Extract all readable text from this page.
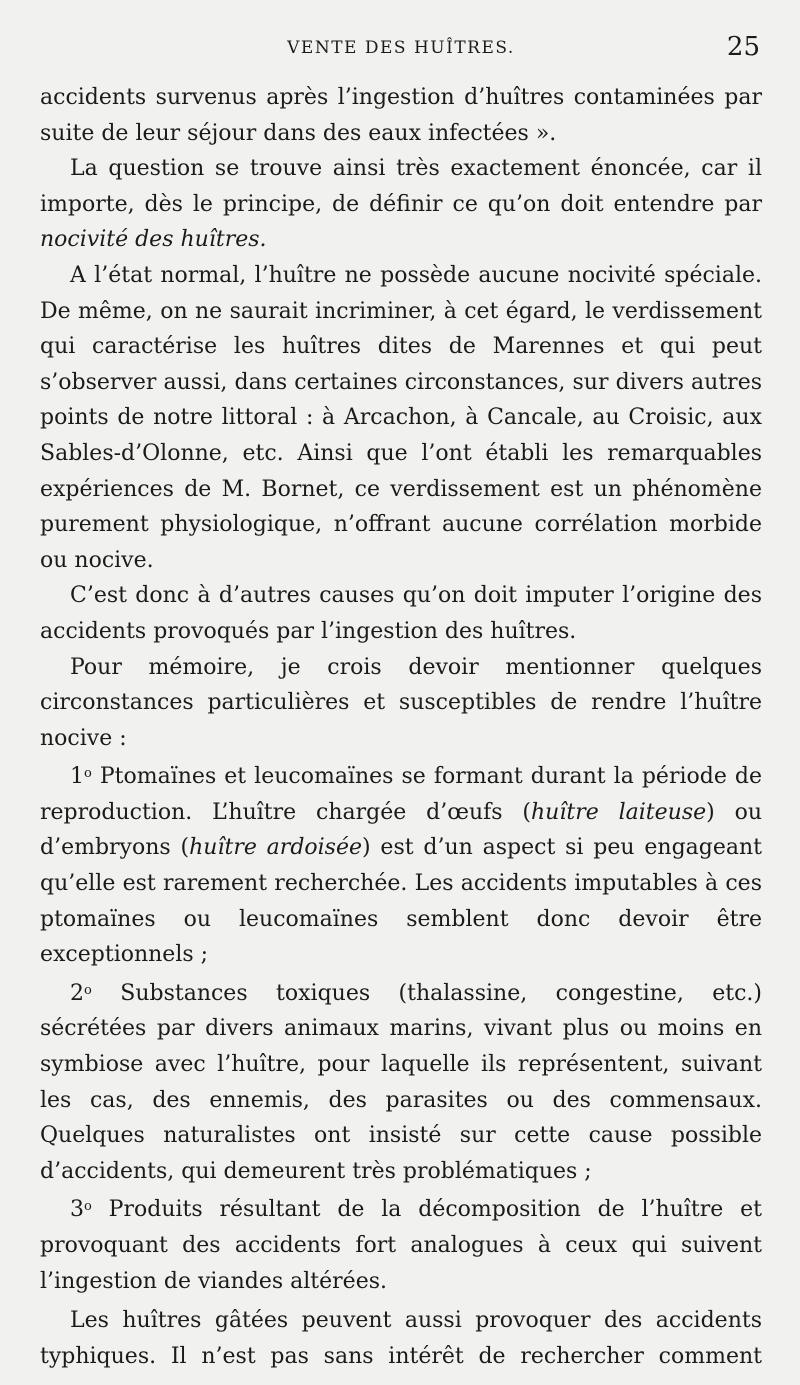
VENTE DES HUÎTRES.	25

accidents survenus après l’ingestion d’huîtres contaminées par suite de leur séjour dans des eaux infectées ».

La question se trouve ainsi très exactement énoncée, car il importe, dès le principe, de définir ce qu’on doit entendre par nocivité des huîtres.

A l’état normal, l’huître ne possède aucune nocivité spéciale. De même, on ne saurait incriminer, à cet égard, le verdissement qui caractérise les huîtres dites de Marennes et qui peut s’observer aussi, dans certaines circonstances, sur divers autres points de notre littoral : à Arcachon, à Cancale, au Croisic, aux Sables-d’Olonne, etc. Ainsi que l’ont établi les remarquables expériences de M. Bornet, ce verdissement est un phénomène purement physiologique, n’offrant aucune corrélation morbide ou nocive.

C’est donc à d’autres causes qu’on doit imputer l’origine des accidents provoqués par l’ingestion des huîtres.

Pour mémoire, je crois devoir mentionner quelques circonstances particulières et susceptibles de rendre l’huître nocive :

1$^o$ Ptomaïnes et leucomaïnes se formant durant la période de reproduction. L’huître chargée d’œufs (huître laiteuse) ou d’embryons (huître ardoisée) est d’un aspect si peu engageant qu’elle est rarement recherchée. Les accidents imputables à ces ptomaïnes ou leucomaïnes semblent donc devoir être exceptionnels ;

2$^o$ Substances toxiques (thalassine, congestine, etc.) sécrétées par divers animaux marins, vivant plus ou moins en symbiose avec l’huître, pour laquelle ils représentent, suivant les cas, des ennemis, des parasites ou des commensaux. Quelques naturalistes ont insisté sur cette cause possible d’accidents, qui demeurent très problématiques ;

3$^o$ Produits résultant de la décomposition de l’huître et provoquant des accidents fort analogues à ceux qui suivent l’ingestion de viandes altérées.

Les huîtres gâtées peuvent aussi provoquer des accidents typhiques. Il n’est pas sans intérêt de rechercher comment
